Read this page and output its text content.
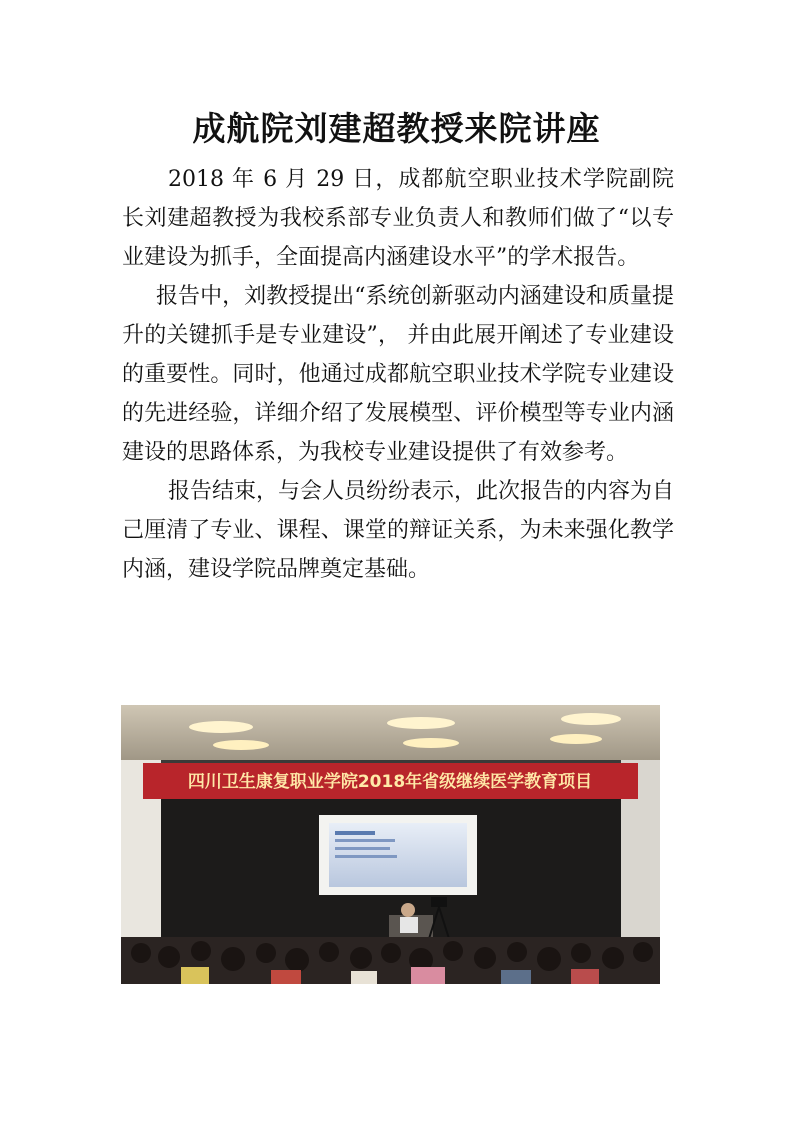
成航院刘建超教授来院讲座

2018 年 6 月 29 日，成都航空职业技术学院副院长刘建超教授为我校系部专业负责人和教师们做了“以专业建设为抓手，全面提高内涵建设水平”的学术报告。

报告中，刘教授提出“系统创新驱动内涵建设和质量提升的关键抓手是专业建设”， 并由此展开阐述了专业建设的重要性。同时，他通过成都航空职业技术学院专业建设的先进经验，详细介绍了发展模型、评价模型等专业内涵建设的思路体系，为我校专业建设提供了有效参考。

报告结束，与会人员纷纷表示，此次报告的内容为自己厘清了专业、课程、课堂的辩证关系，为未来强化教学内涵，建设学院品牌奠定基础。

四川卫生康复职业学院2018年省级继续医学教育项目
